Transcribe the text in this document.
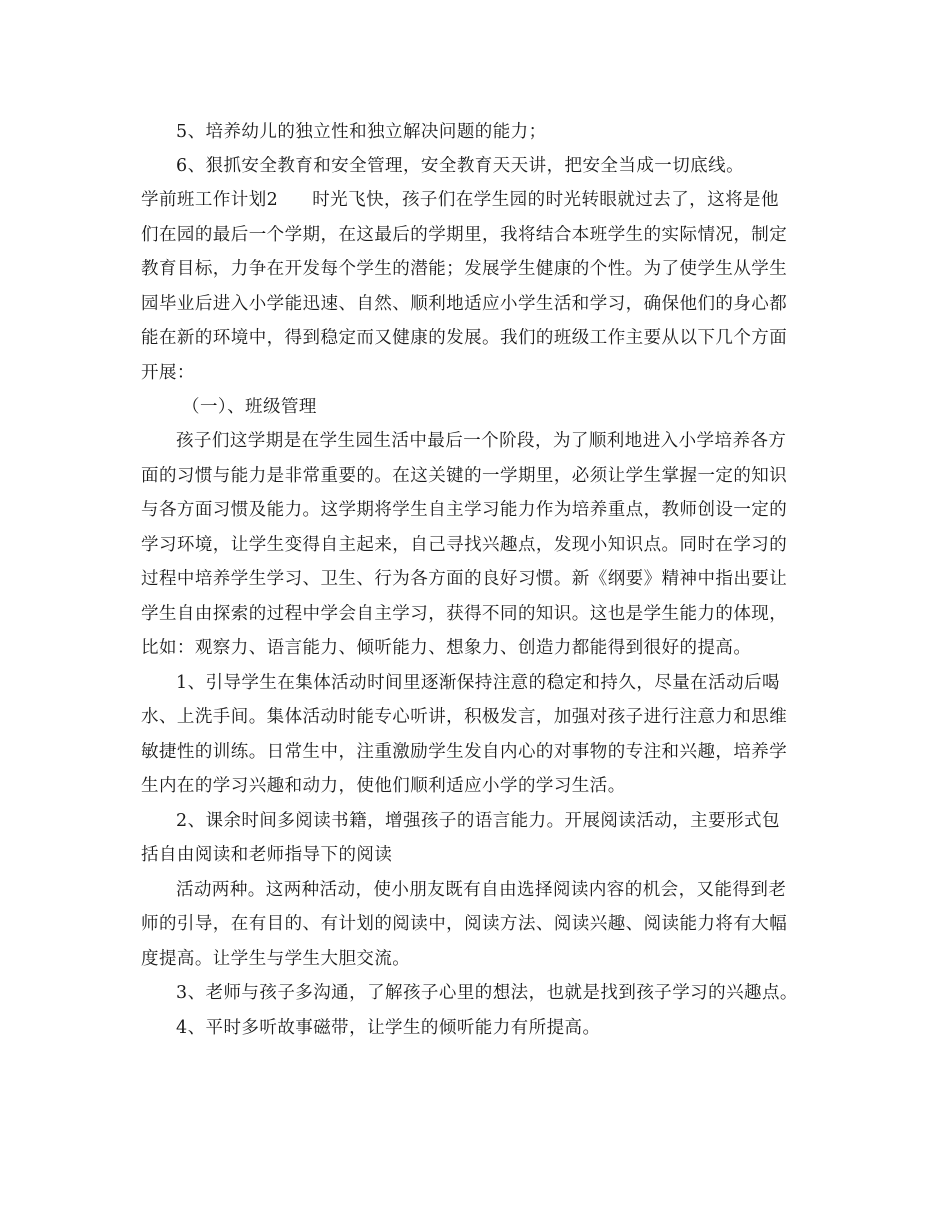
5、培养幼儿的独立性和独立解决问题的能力；
6、狠抓安全教育和安全管理，安全教育天天讲，把安全当成一切底线。
学前班工作计划2 时光飞快，孩子们在学生园的时光转眼就过去了，这将是他
们在园的最后一个学期，在这最后的学期里，我将结合本班学生的实际情况，制定
教育目标，力争在开发每个学生的潜能；发展学生健康的个性。为了使学生从学生
园毕业后进入小学能迅速、自然、顺利地适应小学生活和学习，确保他们的身心都
能在新的环境中，得到稳定而又健康的发展。我们的班级工作主要从以下几个方面
开展：
（一）、班级管理
孩子们这学期是在学生园生活中最后一个阶段，为了顺利地进入小学培养各方
面的习惯与能力是非常重要的。在这关键的一学期里，必须让学生掌握一定的知识
与各方面习惯及能力。这学期将学生自主学习能力作为培养重点，教师创设一定的
学习环境，让学生变得自主起来，自己寻找兴趣点，发现小知识点。同时在学习的
过程中培养学生学习、卫生、行为各方面的良好习惯。新《纲要》精神中指出要让
学生自由探索的过程中学会自主学习，获得不同的知识。这也是学生能力的体现，
比如：观察力、语言能力、倾听能力、想象力、创造力都能得到很好的提高。
1、引导学生在集体活动时间里逐渐保持注意的稳定和持久，尽量在活动后喝
水、上洗手间。集体活动时能专心听讲，积极发言，加强对孩子进行注意力和思维
敏捷性的训练。日常生中，注重激励学生发自内心的对事物的专注和兴趣，培养学
生内在的学习兴趣和动力，使他们顺利适应小学的学习生活。
2、课余时间多阅读书籍，增强孩子的语言能力。开展阅读活动，主要形式包
括自由阅读和老师指导下的阅读
活动两种。这两种活动，使小朋友既有自由选择阅读内容的机会，又能得到老
师的引导，在有目的、有计划的阅读中，阅读方法、阅读兴趣、阅读能力将有大幅
度提高。让学生与学生大胆交流。
3、老师与孩子多沟通，了解孩子心里的想法，也就是找到孩子学习的兴趣点。
4、平时多听故事磁带，让学生的倾听能力有所提高。
